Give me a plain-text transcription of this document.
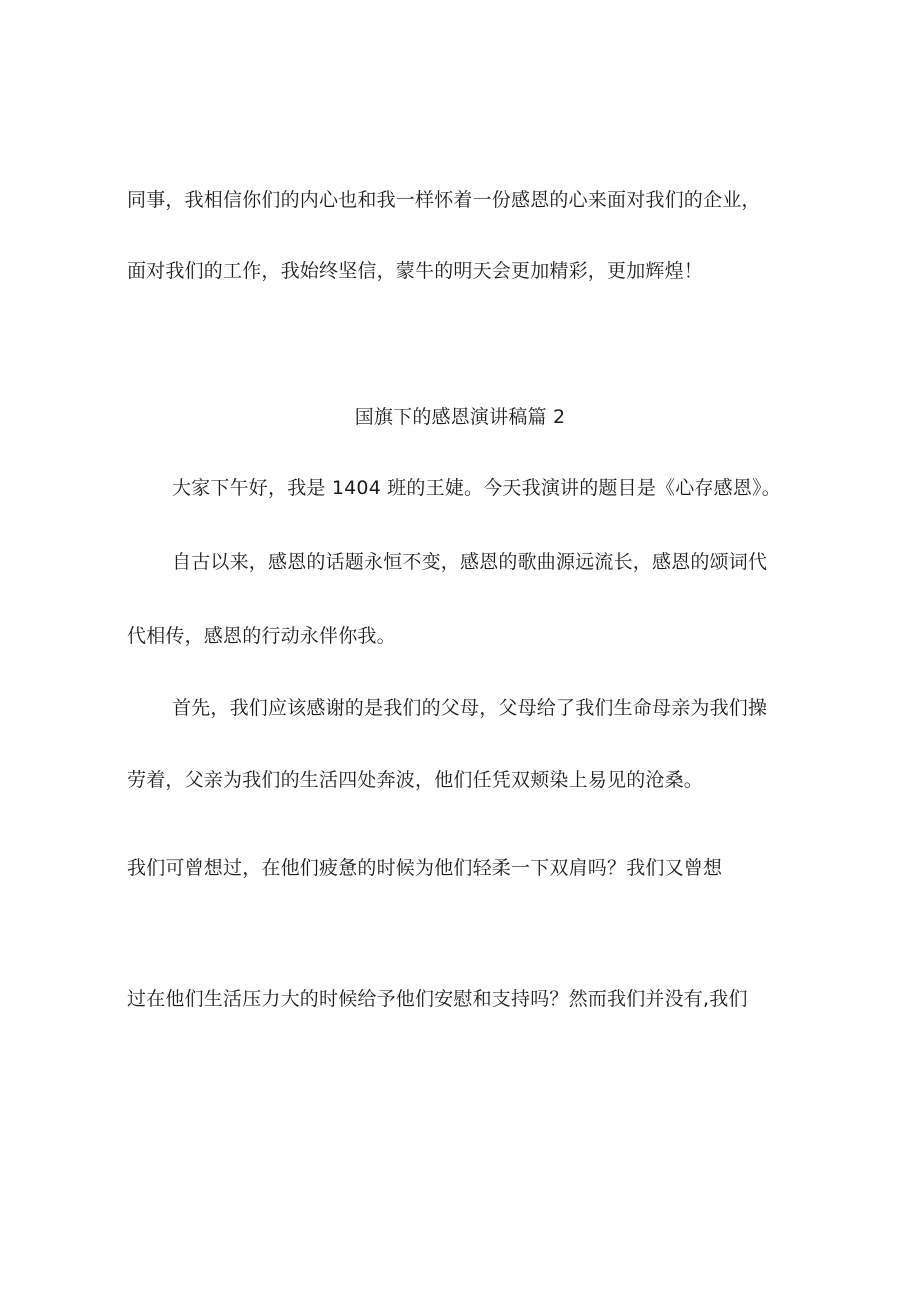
同事，我相信你们的内心也和我一样怀着一份感恩的心来面对我们的企业，

面对我们的工作，我始终坚信，蒙牛的明天会更加精彩，更加辉煌！

国旗下的感恩演讲稿篇 2

大家下午好，我是 1404 班的王婕。今天我演讲的题目是《心存感恩》。

自古以来，感恩的话题永恒不变，感恩的歌曲源远流长，感恩的颂词代

代相传，感恩的行动永伴你我。

首先，我们应该感谢的是我们的父母，父母给了我们生命母亲为我们操

劳着，父亲为我们的生活四处奔波，他们任凭双颊染上易见的沧桑。

我们可曾想过，在他们疲惫的时候为他们轻柔一下双肩吗？我们又曾想

过在他们生活压力大的时候给予他们安慰和支持吗？然而我们并没有,我们
